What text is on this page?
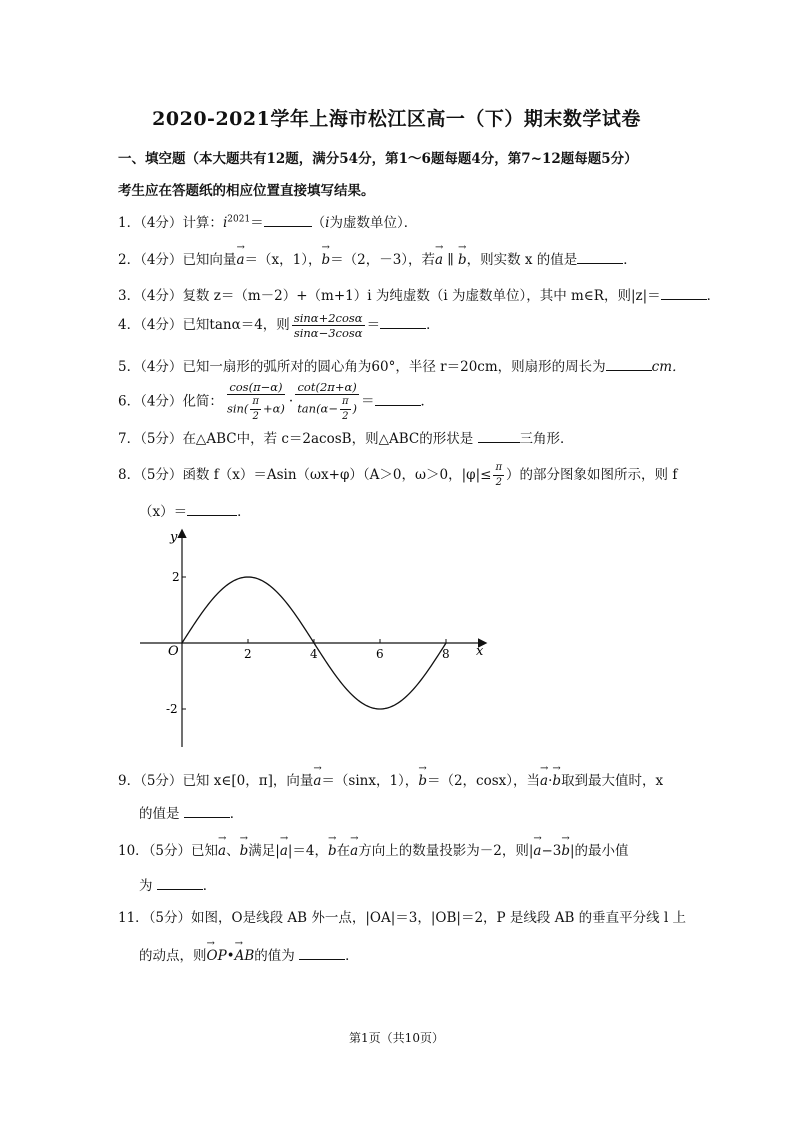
2020-2021学年上海市松江区高一（下）期末数学试卷
一、填空题（本大题共有12题，满分54分，第1～6题每题4分，第7~12题每题5分）
考生应在答题纸的相应位置直接填写结果。
1．（4分）计算：$i^{2021}=$	（i为虚数单位）．
2．（4分）已知向量→ a＝（x，1），→ b＝（2，－3），若→ a ∥ → b，则实数 x 的值是	．
3．（4分）复数 z＝（m－2）+（m+1）i 为纯虚数（i 为虚数单位），其中 m∈R，则|z|＝	．
4．（4分）已知tanα＝4，则 $\frac{\sin\alpha+2\cos\alpha}{\sin\alpha-3\cos\alpha}$ ＝	．
5．（4分）已知一扇形的弧所对的圆心角为60°，半径 r＝20cm，则扇形的周长为	cm．
6．（4分）化简： $\frac{\cos(\pi-\alpha)}{\sin( \frac{\pi}{2} +\alpha)} \cdot \frac{\cot(2\pi+\alpha)}{\tan(\alpha- \frac{\pi}{2} )}$ ＝	．
7．（5分）在△ABC中，若 c＝2acosB，则△ABC的形状是	三角形．
8．（5分）函数 f（x）＝Asin（ωx+φ）（A＞0，ω＞0，$|\varphi|\le \frac{\pi}{2}$ ）的部分图象如图所示，则 f
（x）＝	．
2	4	6	8
2
-2
y
x
O
9．（5分）已知 x∈[0，π]，向量→ a＝（sinx，1），→ b＝（2，cosx），当→ a·→ b取到最大值时，x
的值是	．
10．（5分）已知→ a、→ b满足|→ a|＝4，→ b在→ a方向上的数量投影为－2，则|→ a−3→ b|的最小值
为	．
11．（5分）如图，O是线段 AB 外一点，|OA|＝3，|OB|＝2，P 是线段 AB 的垂直平分线 l 上
的动点，则→ OP•→ AB的值为	．
第1页（共10页）
